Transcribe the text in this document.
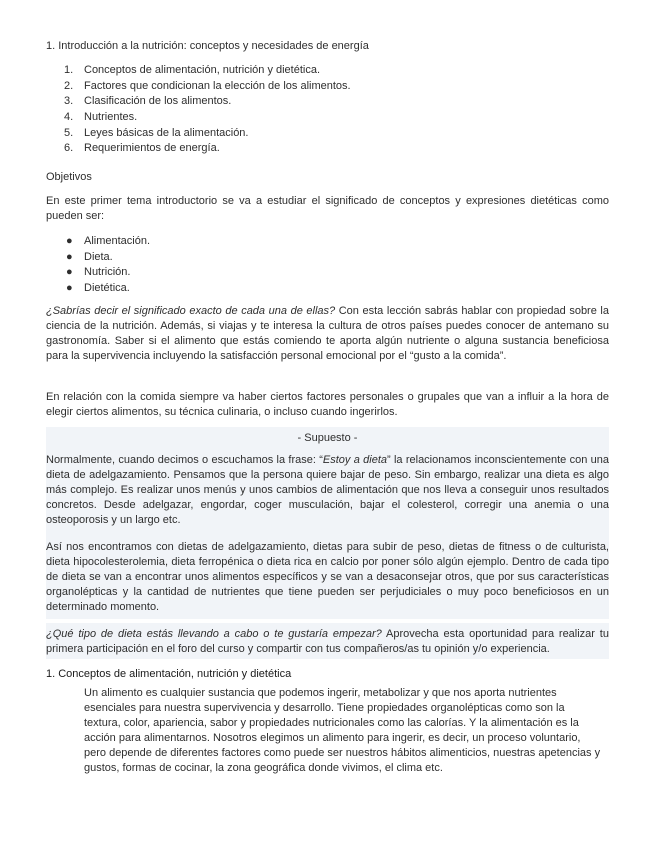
1. Introducción a la nutrición: conceptos y necesidades de energía
1. Conceptos de alimentación, nutrición y dietética.
2. Factores que condicionan la elección de los alimentos.
3. Clasificación de los alimentos.
4. Nutrientes.
5. Leyes básicas de la alimentación.
6. Requerimientos de energía.
Objetivos
En este primer tema introductorio se va a estudiar el significado de conceptos y expresiones dietéticas como pueden ser:
● Alimentación.
● Dieta.
● Nutrición.
● Dietética.
¿Sabrías decir el significado exacto de cada una de ellas? Con esta lección sabrás hablar con propiedad sobre la ciencia de la nutrición. Además, si viajas y te interesa la cultura de otros países puedes conocer de antemano su gastronomía. Saber si el alimento que estás comiendo te aporta algún nutriente o alguna sustancia beneficiosa para la supervivencia incluyendo la satisfacción personal emocional por el “gusto a la comida”.
En relación con la comida siempre va haber ciertos factores personales o grupales que van a influir a la hora de elegir ciertos alimentos, su técnica culinaria, o incluso cuando ingerirlos.
- Supuesto -
Normalmente, cuando decimos o escuchamos la frase: “Estoy a dieta” la relacionamos inconscientemente con una dieta de adelgazamiento. Pensamos que la persona quiere bajar de peso. Sin embargo, realizar una dieta es algo más complejo. Es realizar unos menús y unos cambios de alimentación que nos lleva a conseguir unos resultados concretos. Desde adelgazar, engordar, coger musculación, bajar el colesterol, corregir una anemia o una osteoporosis y un largo etc.
Así nos encontramos con dietas de adelgazamiento, dietas para subir de peso, dietas de fitness o de culturista, dieta hipocolesterolemia, dieta ferropénica o dieta rica en calcio por poner sólo algún ejemplo. Dentro de cada tipo de dieta se van a encontrar unos alimentos específicos y se van a desaconsejar otros, que por sus características organolépticas y la cantidad de nutrientes que tiene pueden ser perjudiciales o muy poco beneficiosos en un determinado momento.
¿Qué tipo de dieta estás llevando a cabo o te gustaría empezar? Aprovecha esta oportunidad para realizar tu primera participación en el foro del curso y compartir con tus compañeros/as tu opinión y/o experiencia.
1. Conceptos de alimentación, nutrición y dietética
Un alimento es cualquier sustancia que podemos ingerir, metabolizar y que nos aporta nutrientes esenciales para nuestra supervivencia y desarrollo. Tiene propiedades organolépticas como son la textura, color, apariencia, sabor y propiedades nutricionales como las calorías. Y la alimentación es la acción para alimentarnos. Nosotros elegimos un alimento para ingerir, es decir, un proceso voluntario, pero depende de diferentes factores como puede ser nuestros hábitos alimenticios, nuestras apetencias y gustos, formas de cocinar, la zona geográfica donde vivimos, el clima etc.
